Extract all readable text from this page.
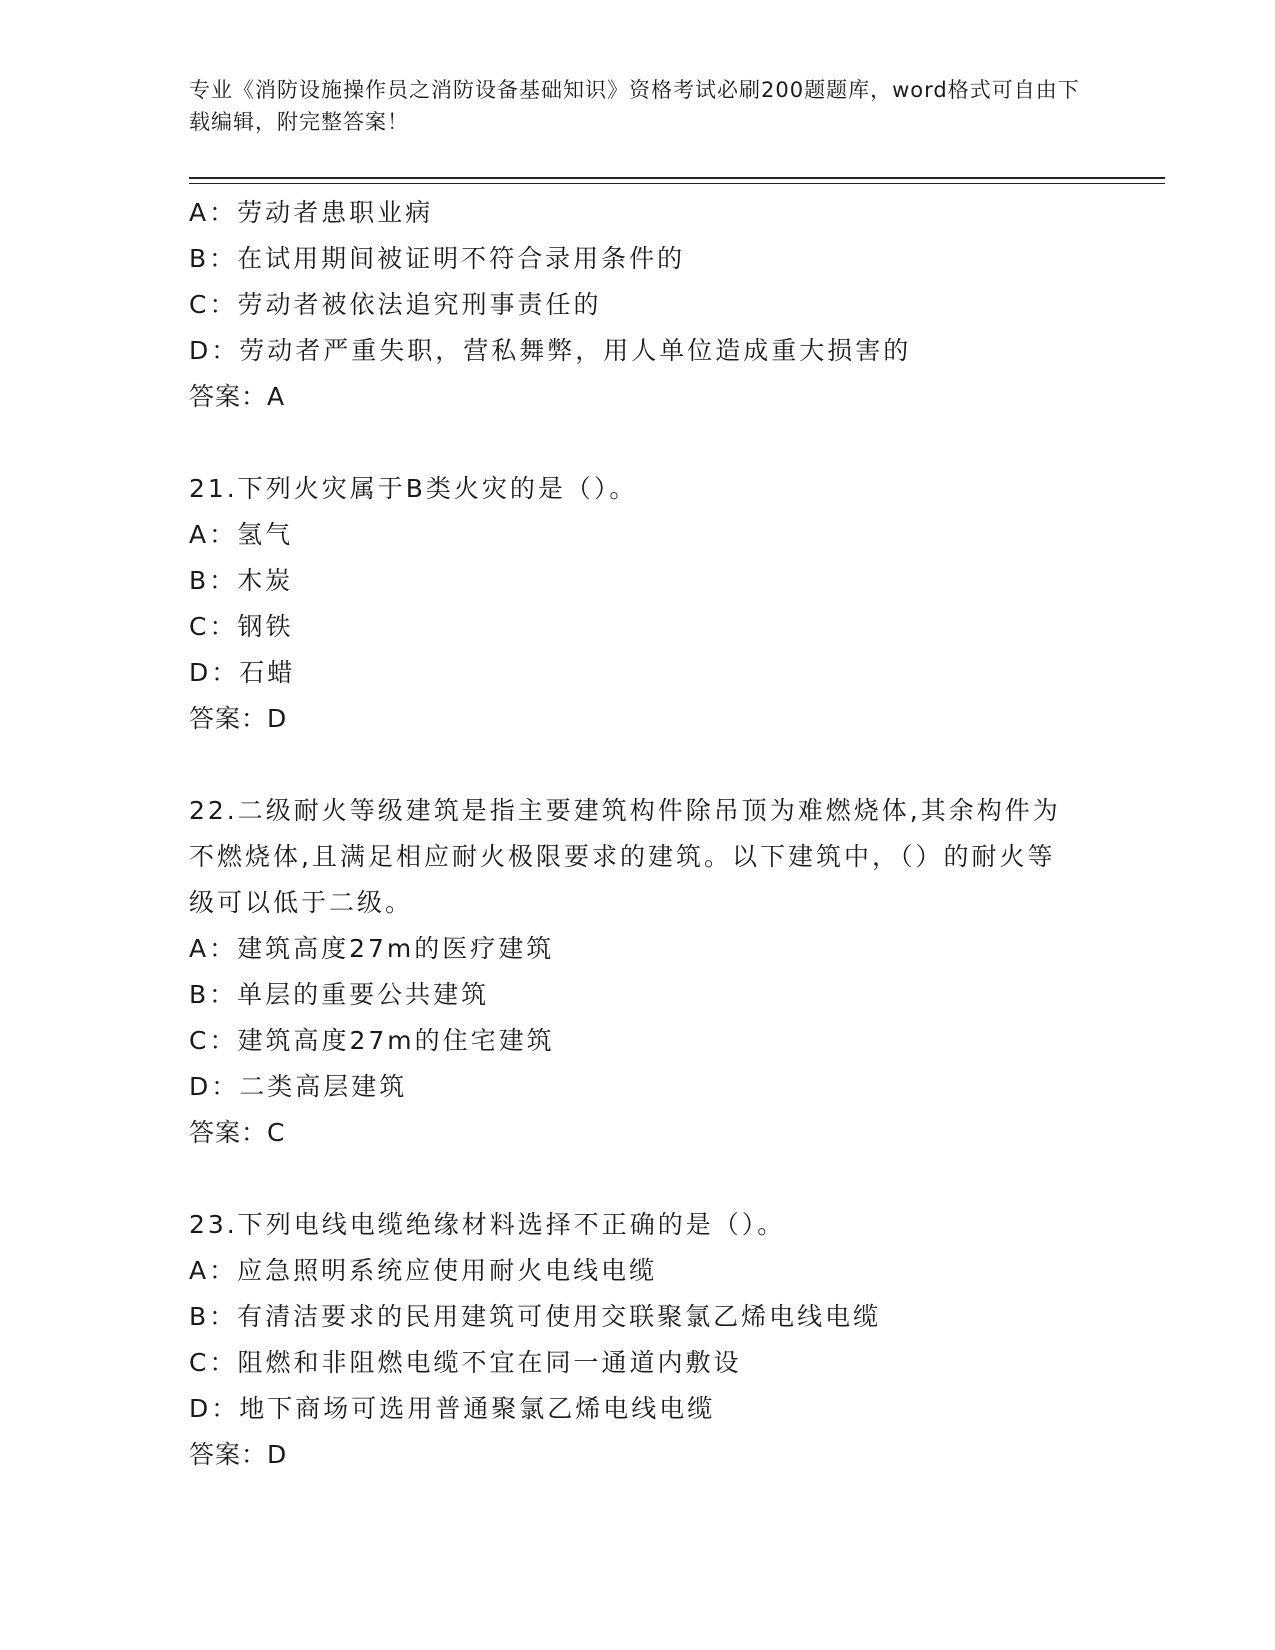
专业《消防设施操作员之消防设备基础知识》资格考试必刷200题题库，word格式可自由下载编辑，附完整答案！
A：劳动者患职业病
B：在试用期间被证明不符合录用条件的
C：劳动者被依法追究刑事责任的
D：劳动者严重失职，营私舞弊，用人单位造成重大损害的
答案：A
21.下列火灾属于B类火灾的是（）。
A：氢气
B：木炭
C：钢铁
D：石蜡
答案：D
22.二级耐火等级建筑是指主要建筑构件除吊顶为难燃烧体,其余构件为不燃烧体,且满足相应耐火极限要求的建筑。以下建筑中，（）的耐火等级可以低于二级。
A：建筑高度27m的医疗建筑
B：单层的重要公共建筑
C：建筑高度27m的住宅建筑
D：二类高层建筑
答案：C
23.下列电线电缆绝缘材料选择不正确的是（）。
A：应急照明系统应使用耐火电线电缆
B：有清洁要求的民用建筑可使用交联聚氯乙烯电线电缆
C：阻燃和非阻燃电缆不宜在同一通道内敷设
D：地下商场可选用普通聚氯乙烯电线电缆
答案：D
